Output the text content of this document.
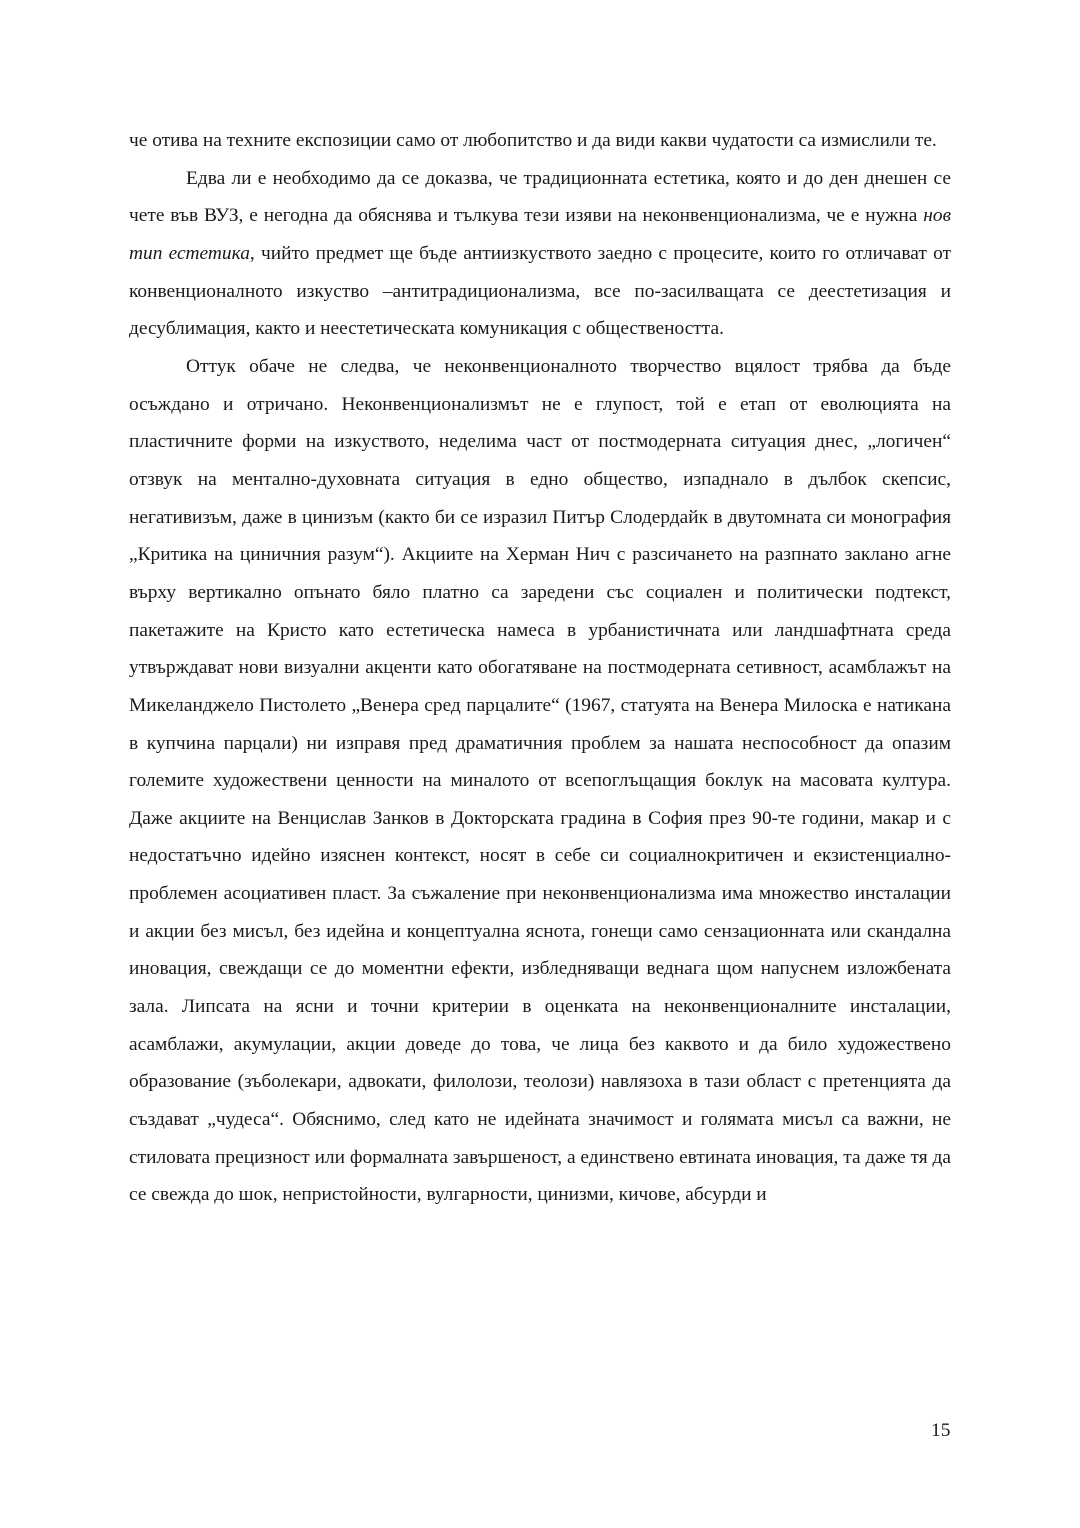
че отива на техните експозиции само от любопитство и да види какви чудатости са измислили те.

Едва ли е необходимо да се доказва, че традиционната естетика, която и до ден днешен се чете във ВУЗ, е негодна да обяснява и тълкува тези изяви на неконвенционализма, че е нужна нов тип естетика, чийто предмет ще бъде антиизкуството заедно с процесите, които го отличават от конвенционалното изкуство –антитрадиционализма, все по-засилващата се деестетизация и десублимация, както и неестетическата комуникация с обществеността.

Оттук обаче не следва, че неконвенционалното творчество вцялост трябва да бъде осъждано и отричано. Неконвенционализмът не е глупост, той е етап от еволюцията на пластичните форми на изкуството, неделима част от постмодерната ситуация днес, „логичен“ отзвук на ментално-духовната ситуация в едно общество, изпаднало в дълбок скепсис, негативизъм, даже в цинизъм (както би се изразил Питър Слодердайк в двутомната си монография „Критика на циничния разум“). Акциите на Херман Нич с разсичането на разпнато заклано агне върху вертикално опънато бяло платно са заредени със социален и политически подтекст, пакетажите на Кристо като естетическа намеса в урбанистичната или ландшафтната среда утвърждават нови визуални акценти като обогатяване на постмодерната сетивност, асамблажът на Микеланджело Пистолето „Венера сред парцалите“ (1967, статуята на Венера Милоска е натикана в купчина парцали) ни изправя пред драматичния проблем за нашата неспособност да опазим големите художествени ценности на миналото от всепоглъщащия боклук на масовата култура. Даже акциите на Венцислав Занков в Докторската градина в София през 90-те години, макар и с недостатъчно идейно изяснен контекст, носят в себе си социалнокритичен и екзистенциално-проблемен асоциативен пласт. За съжаление при неконвенционализма има множество инсталации и акции без мисъл, без идейна и концептуална яснота, гонещи само сензационната или скандална иновация, свеждащи се до моментни ефекти, избледняващи веднага щом напуснем изложбената зала. Липсата на ясни и точни критерии в оценката на неконвенционалните инсталации, асамблажи, акумулации, акции доведе до това, че лица без каквото и да било художествено образование (зъболекари, адвокати, филолози, теолози) навлязоха в тази област с претенцията да създават „чудеса“. Обяснимо, след като не идейната значимост и голямата мисъл са важни, не стиловата прецизност или формалната завършеност, а единствено евтината иновация, та даже тя да се свежда до шок, непристойности, вулгарности, цинизми, кичове, абсурди и

15
